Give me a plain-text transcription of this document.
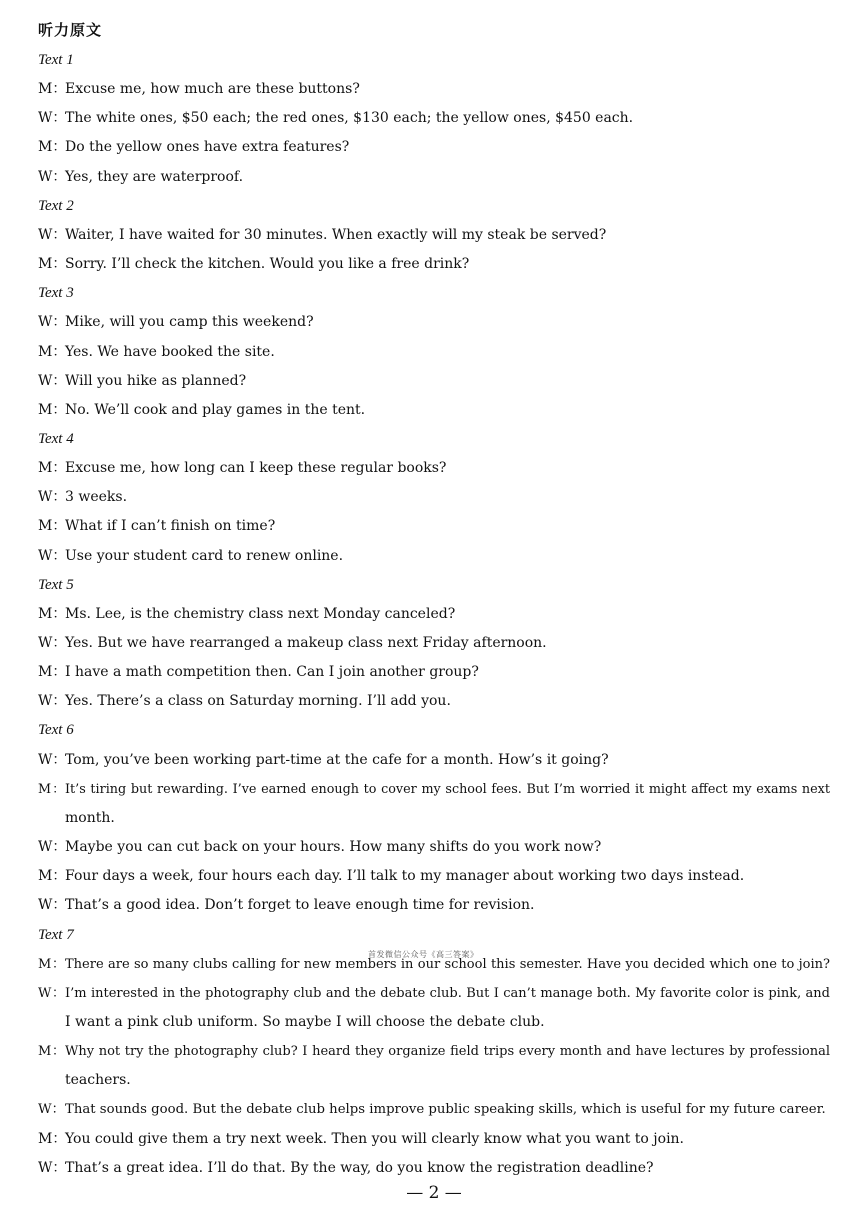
听力原文
Text 1
M：Excuse me, how much are these buttons?
W：The white ones, $50 each; the red ones, $130 each; the yellow ones, $450 each.
M：Do the yellow ones have extra features?
W：Yes, they are waterproof.
Text 2
W：Waiter, I have waited for 30 minutes. When exactly will my steak be served?
M：Sorry. I’ll check the kitchen. Would you like a free drink?
Text 3
W：Mike, will you camp this weekend?
M：Yes. We have booked the site.
W：Will you hike as planned?
M：No. We’ll cook and play games in the tent.
Text 4
M：Excuse me, how long can I keep these regular books?
W：3 weeks.
M：What if I can’t finish on time?
W：Use your student card to renew online.
Text 5
M：Ms. Lee, is the chemistry class next Monday canceled?
W：Yes. But we have rearranged a makeup class next Friday afternoon.
M：I have a math competition then. Can I join another group?
W：Yes. There’s a class on Saturday morning. I’ll add you.
Text 6
W：Tom, you’ve been working part-time at the cafe for a month. How’s it going?
M：It’s tiring but rewarding. I’ve earned enough to cover my school fees. But I’m worried it might affect my exams next
month.
W：Maybe you can cut back on your hours. How many shifts do you work now?
M：Four days a week, four hours each day. I’ll talk to my manager about working two days instead.
W：That’s a good idea. Don’t forget to leave enough time for revision.
Text 7
M：There are so many clubs calling for new members in our school this semester. Have you decided which one to join?
W：I’m interested in the photography club and the debate club. But I can’t manage both. My favorite color is pink, and
I want a pink club uniform. So maybe I will choose the debate club.
M：Why not try the photography club? I heard they organize field trips every month and have lectures by professional
teachers.
W：That sounds good. But the debate club helps improve public speaking skills, which is useful for my future career.
M：You could give them a try next week. Then you will clearly know what you want to join.
W：That’s a great idea. I’ll do that. By the way, do you know the registration deadline?
首发微信公众号《高三答案》
— 2 —
